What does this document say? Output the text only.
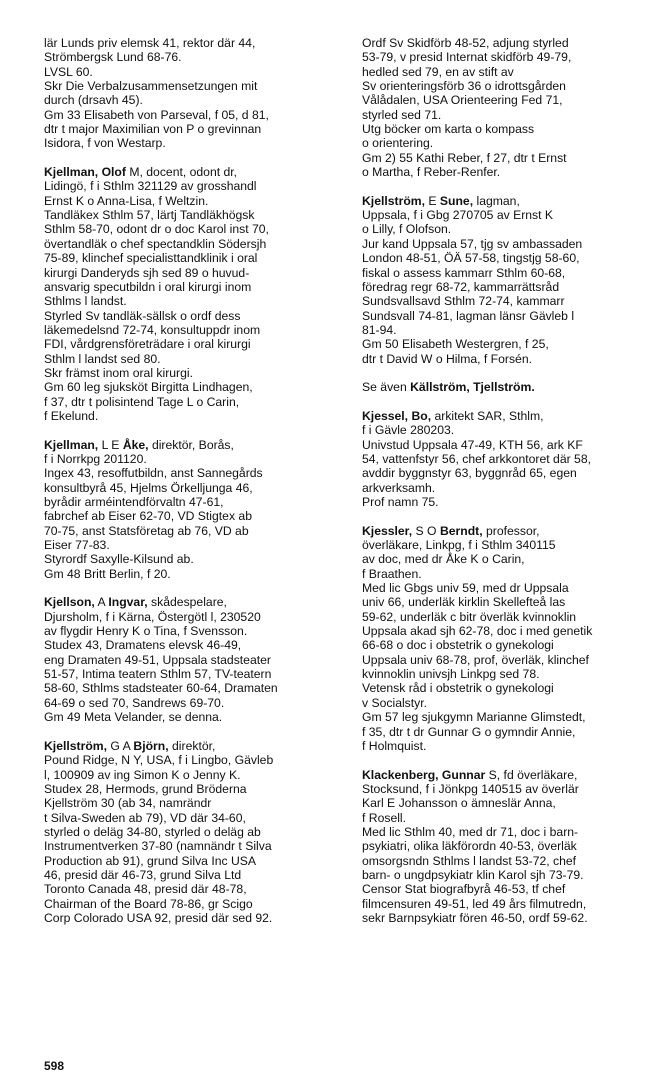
lär Lunds priv elemsk 41, rektor där 44,
Strömbergsk Lund 68-76.
LVSL 60.
Skr Die Verbalzusammensetzungen mit
durch (drsavh 45).
Gm 33 Elisabeth von Parseval, f 05, d 81,
dtr t major Maximilian von P o grevinnan
Isidora, f von Westarp.
Kjellman, Olof M, docent, odont dr,
Lidingö, f i Sthlm 321129 av grosshandl
Ernst K o Anna-Lisa, f Weltzin.
Tandläkex Sthlm 57, lärtj Tandläkhögsk
Sthlm 58-70, odont dr o doc Karol inst 70,
övertandläk o chef spectandklin Södersjh
75-89, klinchef specialisttandklinik i oral
kirurgi Danderyds sjh sed 89 o huvud-
ansvarig specutbildn i oral kirurgi inom
Sthlms l landst.
Styrled Sv tandläk-sällsk o ordf dess
läkemedelsnd 72-74, konsultuppdr inom
FDI, vårdgrensföreträdare i oral kirurgi
Sthlm l landst sed 80.
Skr främst inom oral kirurgi.
Gm 60 leg sjuksköt Birgitta Lindhagen,
f 37, dtr t polisintend Tage L o Carin,
f Ekelund.
Kjellman, L E Åke, direktör, Borås,
f i Norrkpg 201120.
Ingex 43, resoffutbildn, anst Sannegårds
konsultbyrå 45, Hjelms Örkelljunga 46,
byrådir arméintendförvaltn 47-61,
fabrchef ab Eiser 62-70, VD Stigtex ab
70-75, anst Statsföretag ab 76, VD ab
Eiser 77-83.
Styrordf Saxylle-Kilsund ab.
Gm 48 Britt Berlin, f 20.
Kjellson, A Ingvar, skådespelare,
Djursholm, f i Kärna, Östergötl l, 230520
av flygdir Henry K o Tina, f Svensson.
Studex 43, Dramatens elevsk 46-49,
eng Dramaten 49-51, Uppsala stadsteater
51-57, Intima teatern Sthlm 57, TV-teatern
58-60, Sthlms stadsteater 60-64, Dramaten
64-69 o sed 70, Sandrews 69-70.
Gm 49 Meta Velander, se denna.
Kjellström, G A Björn, direktör,
Pound Ridge, N Y, USA, f i Lingbo, Gävleb
l, 100909 av ing Simon K o Jenny K.
Studex 28, Hermods, grund Bröderna
Kjellström 30 (ab 34, namrändr
t Silva-Sweden ab 79), VD där 34-60,
styrled o deläg 34-80, styrled o deläg ab
Instrumentverken 37-80 (namnändr t Silva
Production ab 91), grund Silva Inc USA
46, presid där 46-73, grund Silva Ltd
Toronto Canada 48, presid där 48-78,
Chairman of the Board 78-86, gr Scigo
Corp Colorado USA 92, presid där sed 92.
Ordf Sv Skidförb 48-52, adjung styrled
53-79, v presid Internat skidförb 49-79,
hedled sed 79, en av stift av
Sv orienteringsförb 36 o idrottsgården
Vålådalen, USA Orienteering Fed 71,
styrled sed 71.
Utg böcker om karta o kompass
o orientering.
Gm 2) 55 Kathi Reber, f 27, dtr t Ernst
o Martha, f Reber-Renfer.
Kjellström, E Sune, lagman,
Uppsala, f i Gbg 270705 av Ernst K
o Lilly, f Olofson.
Jur kand Uppsala 57, tjg sv ambassaden
London 48-51, ÖÄ 57-58, tingstjg 58-60,
fiskal o assess kammarr Sthlm 60-68,
föredrag regr 68-72, kammarrättsråd
Sundsvallsavd Sthlm 72-74, kammarr
Sundsvall 74-81, lagman länsr Gävleb l
81-94.
Gm 50 Elisabeth Westergren, f 25,
dtr t David W o Hilma, f Forsén.
Se även Källström, Tjellström.
Kjessel, Bo, arkitekt SAR, Sthlm,
f i Gävle 280203.
Univstud Uppsala 47-49, KTH 56, ark KF
54, vattenfstyr 56, chef arkkontoret där 58,
avddir byggnstyr 63, byggnråd 65, egen
arkverksamh.
Prof namn 75.
Kjessler, S O Berndt, professor,
överläkare, Linkpg, f i Sthlm 340115
av doc, med dr Åke K o Carin,
f Braathen.
Med lic Gbgs univ 59, med dr Uppsala
univ 66, underläk kirklin Skellefteå las
59-62, underläk c bitr överläk kvinnoklin
Uppsala akad sjh 62-78, doc i med genetik
66-68 o doc i obstetrik o gynekologi
Uppsala univ 68-78, prof, överläk, klinchef
kvinnoklin univsjh Linkpg sed 78.
Vetensk råd i obstetrik o gynekologi
v Socialstyr.
Gm 57 leg sjukgymn Marianne Glimstedt,
f 35, dtr t dr Gunnar G o gymndir Annie,
f Holmquist.
Klackenberg, Gunnar S, fd överläkare,
Stocksund, f i Jönkpg 140515 av överlär
Karl E Johansson o ämneslär Anna,
f Rosell.
Med lic Sthlm 40, med dr 71, doc i barn-
psykiatri, olika läkförordn 40-53, överläk
omsorgsndn Sthlms l landst 53-72, chef
barn- o ungdpsykiatr klin Karol sjh 73-79.
Censor Stat biografbyrå 46-53, tf chef
filmcensuren 49-51, led 49 års filmutredn,
sekr Barnpsykiatr fören 46-50, ordf 59-62.
598
